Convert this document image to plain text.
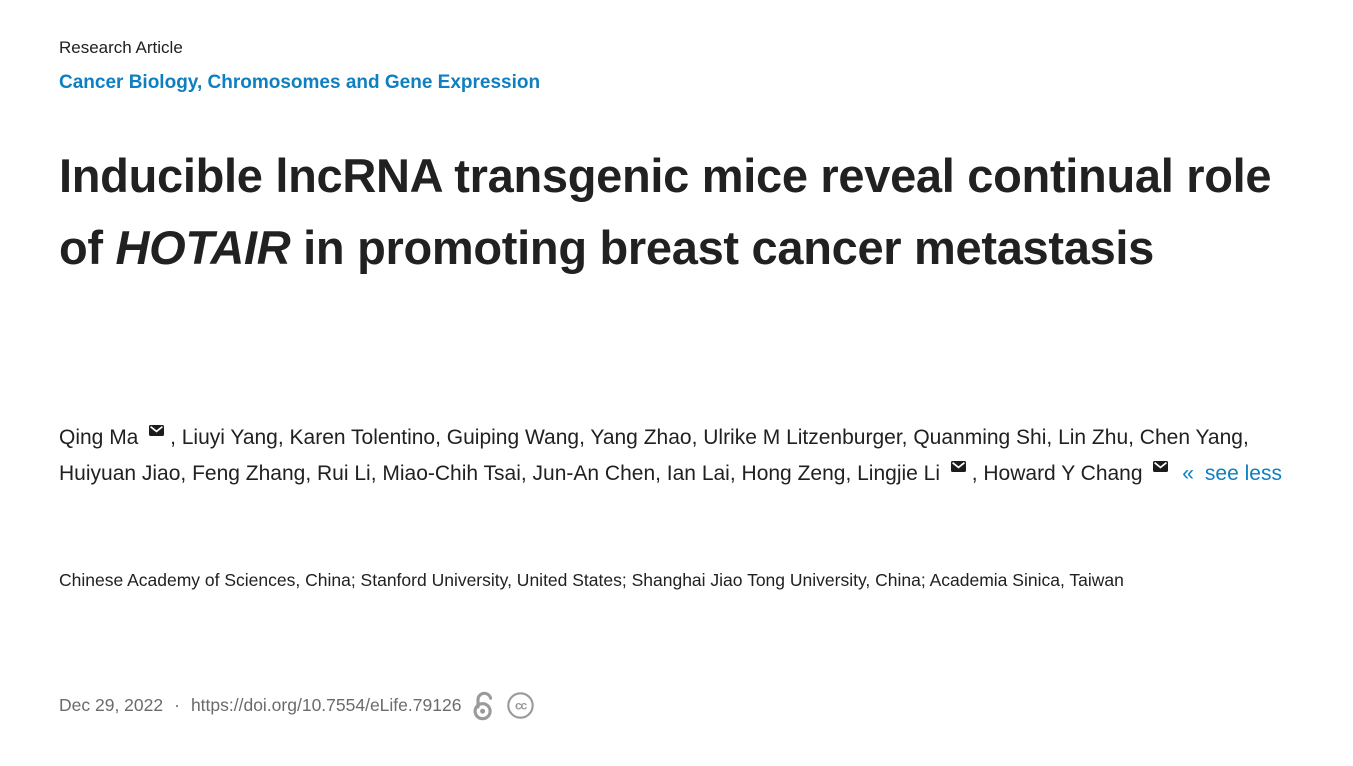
Research Article
Cancer Biology, Chromosomes and Gene Expression
Inducible lncRNA transgenic mice reveal continual role of HOTAIR in promoting breast cancer metastasis

Qing Ma , Liuyi Yang, Karen Tolentino, Guiping Wang, Yang Zhao, Ulrike M Litzenburger, Quanming Shi, Lin Zhu, Chen Yang, Huiyuan Jiao, Feng Zhang, Rui Li, Miao-Chih Tsai, Jun-An Chen, Ian Lai, Hong Zeng, Lingjie Li , Howard Y Chang « see less

Chinese Academy of Sciences, China; Stanford University, United States; Shanghai Jiao Tong University, China; Academia Sinica, Taiwan

Dec 29, 2022 · https://doi.org/10.7554/eLife.79126	cc
